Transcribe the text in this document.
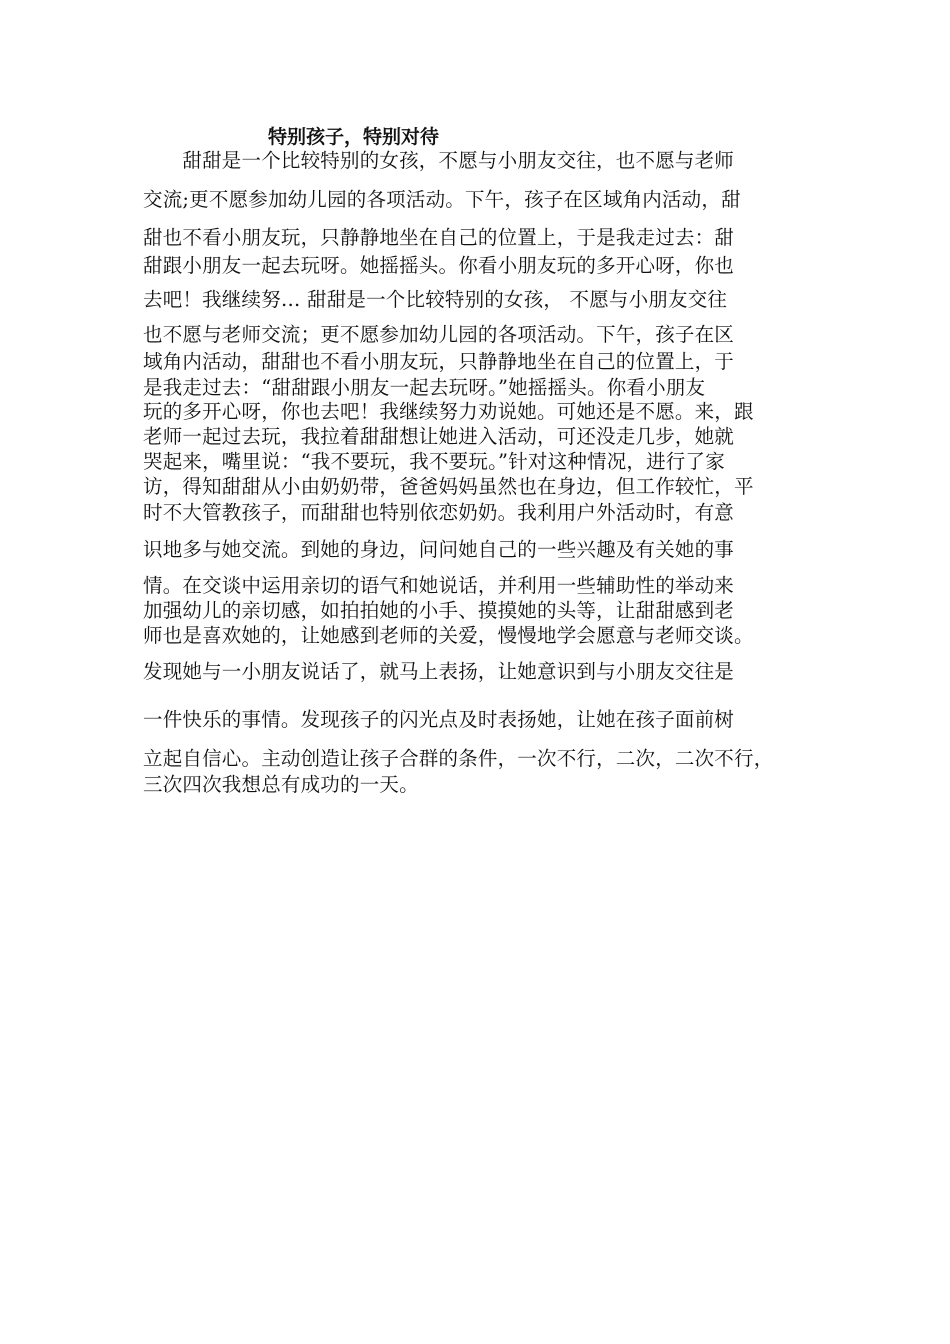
特别孩子，特别对待
　　甜甜是一个比较特别的女孩，不愿与小朋友交往，也不愿与老师
交流;更不愿参加幼儿园的各项活动。下午，孩子在区域角内活动，甜
甜也不看小朋友玩，只静静地坐在自己的位置上，于是我走过去：甜
甜跟小朋友一起去玩呀。她摇摇头。你看小朋友玩的多开心呀，你也
去吧！我继续努… 甜甜是一个比较特别的女孩， 不愿与小朋友交往
也不愿与老师交流；更不愿参加幼儿园的各项活动。下午，孩子在区
域角内活动，甜甜也不看小朋友玩，只静静地坐在自己的位置上，于
是我走过去：“甜甜跟小朋友一起去玩呀。”她摇摇头。你看小朋友
玩的多开心呀，你也去吧！我继续努力劝说她。可她还是不愿。来，跟
老师一起过去玩，我拉着甜甜想让她进入活动，可还没走几步，她就
哭起来，嘴里说：“我不要玩，我不要玩。”针对这种情况，进行了家
访，得知甜甜从小由奶奶带，爸爸妈妈虽然也在身边，但工作较忙，平
时不大管教孩子，而甜甜也特别依恋奶奶。我利用户外活动时，有意
识地多与她交流。到她的身边，问问她自己的一些兴趣及有关她的事
情。在交谈中运用亲切的语气和她说话，并利用一些辅助性的举动来
加强幼儿的亲切感，如拍拍她的小手、摸摸她的头等，让甜甜感到老
师也是喜欢她的，让她感到老师的关爱，慢慢地学会愿意与老师交谈。
发现她与一小朋友说话了，就马上表扬，让她意识到与小朋友交往是
一件快乐的事情。发现孩子的闪光点及时表扬她，让她在孩子面前树
立起自信心。主动创造让孩子合群的条件，一次不行，二次，二次不行，
三次四次我想总有成功的一天。
